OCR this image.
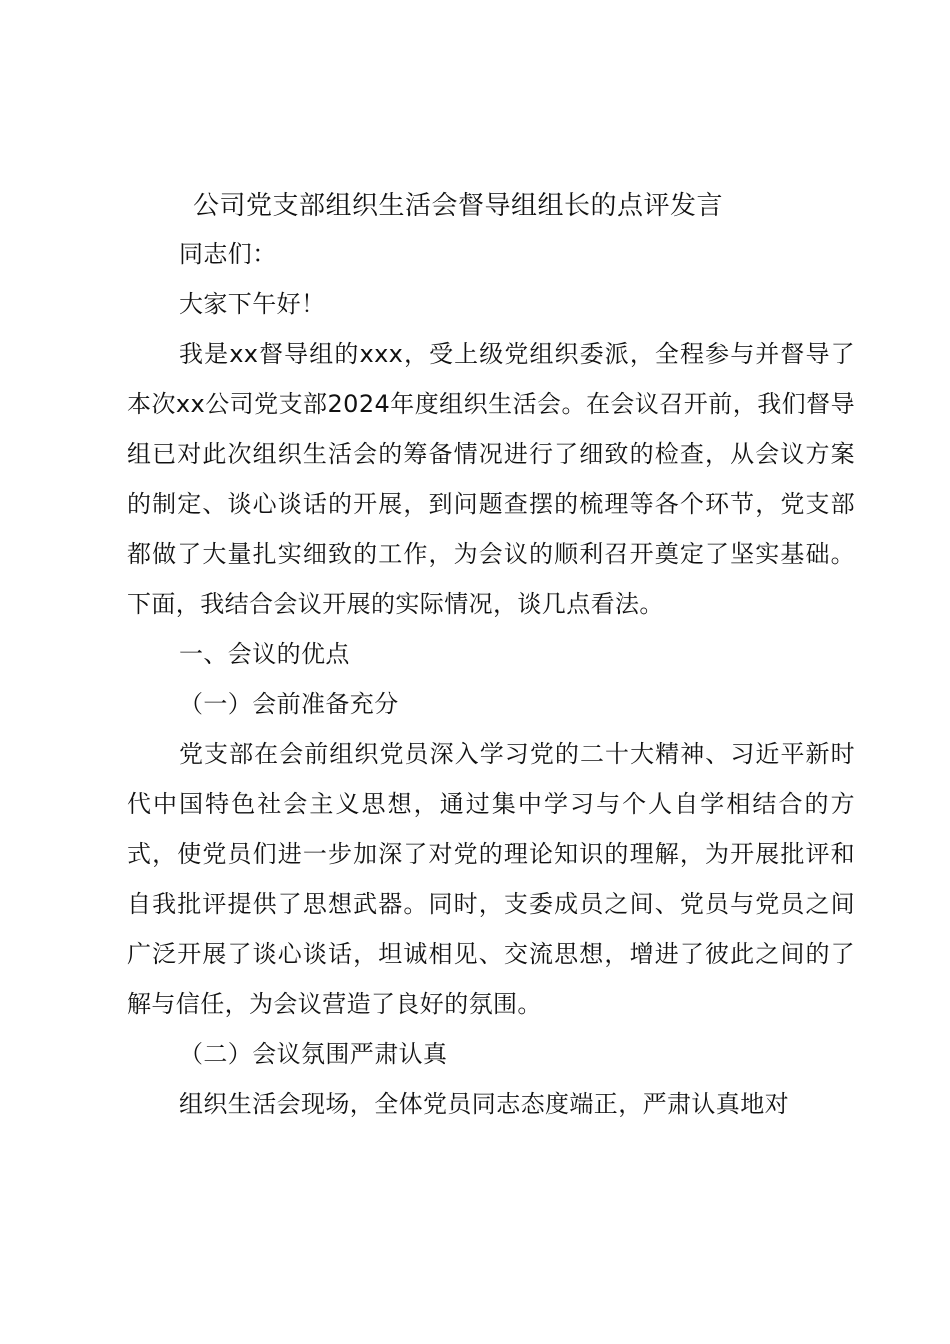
公司党支部组织生活会督导组组长的点评发言

同志们：

大家下午好！

我是xx督导组的xxx，受上级党组织委派，全程参与并督导了本次xx公司党支部2024年度组织生活会。在会议召开前，我们督导组已对此次组织生活会的筹备情况进行了细致的检查，从会议方案的制定、谈心谈话的开展，到问题查摆的梳理等各个环节，党支部都做了大量扎实细致的工作，为会议的顺利召开奠定了坚实基础。下面，我结合会议开展的实际情况，谈几点看法。

一、会议的优点

（一）会前准备充分

党支部在会前组织党员深入学习党的二十大精神、习近平新时代中国特色社会主义思想，通过集中学习与个人自学相结合的方式，使党员们进一步加深了对党的理论知识的理解，为开展批评和自我批评提供了思想武器。同时，支委成员之间、党员与党员之间广泛开展了谈心谈话，坦诚相见、交流思想，增进了彼此之间的了解与信任，为会议营造了良好的氛围。

（二）会议氛围严肃认真

组织生活会现场，全体党员同志态度端正，严肃认真地对
